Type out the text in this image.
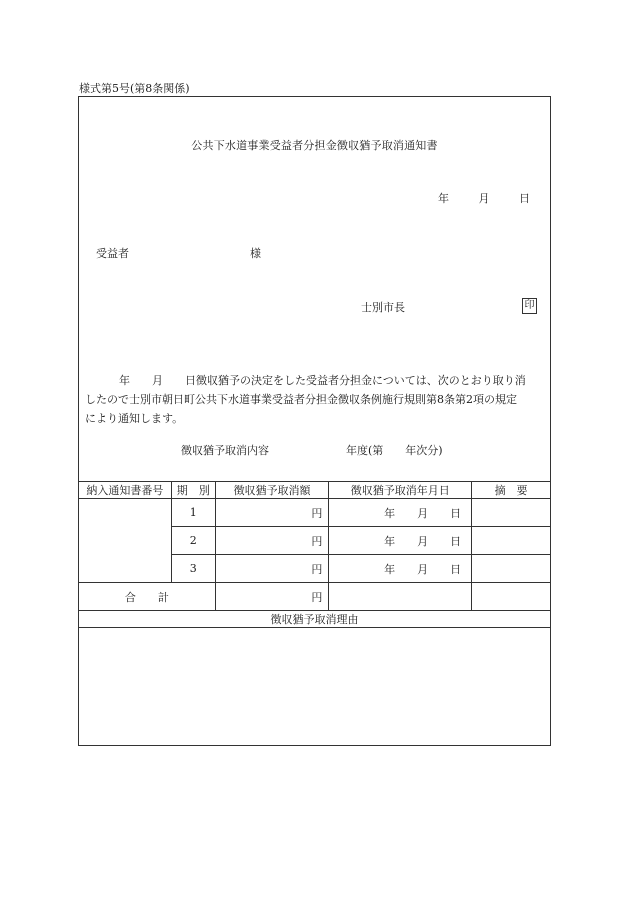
様式第5号(第8条関係)
公共下水道事業受益者分担金徴収猶予取消通知書
年	月	日
受益者	様
士別市長	印
年 月 日徴収猶予の決定をした受益者分担金については、次のとおり取り消
したので士別市朝日町公共下水道事業受益者分担金徴収条例施行規則第8条第2項の規定
により通知します。
徴収猶予取消内容	年度(第 年次分)
納入通知書番号	期　別	徴収猶予取消額	徴収猶予取消年月日	摘　要
	1	円	年 月 日	
	2	円	年 月 日	
	3	円	年 月 日	
合　　計		円		
徴収猶予取消理由				
